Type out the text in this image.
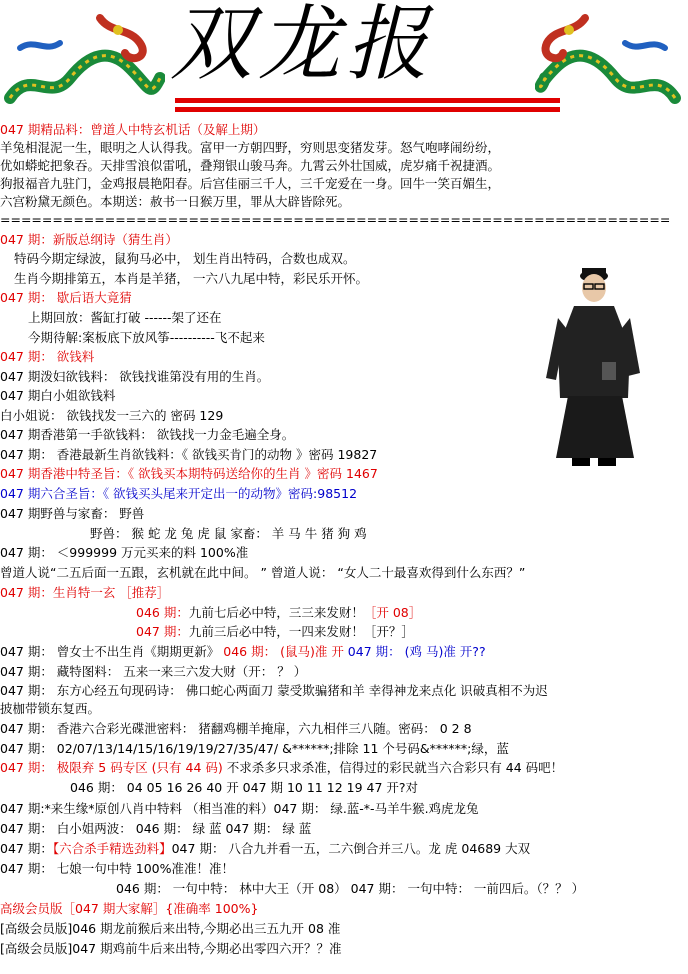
双龙报
047 期精品料：曾道人中特玄机话（及解上期）
羊兔相混泥一生，眼明之人认得我。富甲一方朝四野，穷则思变猪发芽。怒气咆哮闹纷纷，
优如蟒蛇把象吞。天排雪浪似雷吼，叠翔银山骏马奔。九霄云外壮国威，虎岁痛千祝捷酒。
狗报福音九驻门，金鸡报晨艳阳春。后宫佳丽三千人，三千宠爱在一身。回牛一笑百媚生，
六宫粉黛无颜色。本期送：赦书一日猴万里，罪从大辟皆除死。
================================================================
047 期：新版总纲诗（猜生肖）
特码今期定绿波，鼠狗马必中， 划生肖出特码，合数也成双。
生肖今期排第五，本肖是羊猪， 一六八九尾中特，彩民乐开怀。
047 期： 歇后语大竟猜
上期回放：酱缸打破 ------架了还在
今期待解:案板底下放风筝----------飞不起来
047 期： 欲钱料
047 期泼妇欲钱料： 欲钱找谁第没有用的生肖。
047 期白小姐欲钱料
白小姐说： 欲钱找发一三六的 密码 129
047 期香港第一手欲钱料： 欲钱找一力金毛遍全身。
047 期： 香港最新生肖欲钱料：《 欲钱买肯门的动物 》密码 19827
047 期香港中特圣旨：《 欲钱买本期特码送给你的生肖 》密码 1467
047 期六合圣旨：《 欲钱买头尾来开定出一的动物》密码:98512
047 期野兽与家畜： 野兽
野兽： 猴 蛇 龙 兔 虎 鼠 家畜： 羊 马 牛 猪 狗 鸡
047 期： ＜999999 万元买来的料 100%准
曾道人说“二五后面一五跟，玄机就在此中间。 ” 曾道人说： “女人二十最喜欢得到什么东西？”
047 期：生肖特一玄 ［推荐］
046 期：九前七后必中特，三三来发财！［开 08］
047 期：九前三后必中特，一四来发财！［开？］
047 期： 曾女士不出生肖《期期更新》 046 期： (鼠马)准 开 047 期： (鸡 马)准 开??
047 期： 藏特图料： 五来一来三六发大财（开： ？ ）
047 期： 东方心经五句现码诗： 佛口蛇心两面刀 蒙受欺骗猪和羊 幸得神龙来点化 识破真相不为迟
披枷带锁东复西。
047 期： 香港六合彩光碟泄密料： 猪翻鸡棚羊掩扉，六九相伴三八随。密码： 0 2 8
047 期： 02/07/13/14/15/16/19/19/27/35/47/ &******;排除 11 个号码&******;绿，蓝
047 期： 极限弃 5 码专区 (只有 44 码) 不求杀多只求杀准，信得过的彩民就当六合彩只有 44 码吧！
046 期： 04 05 16 26 40 开 047 期 10 11 12 19 47 开?对
047 期:*来生缘*原创八肖中特料 （相当准的料）047 期： 绿.蓝-*-马羊牛猴.鸡虎龙兔
047 期： 白小姐两波： 046 期： 绿 蓝 047 期： 绿 蓝
047 期：【六合杀手精选劲料】047 期： 八合九并看一五，二六倒合并三八。龙 虎 04689 大双
047 期： 七娘一句中特 100%准准！准！
046 期： 一句中特： 林中大王（开 08） 047 期： 一句中特： 一前四后。（？？ ）
高级会员版［047 期大家解］{准确率 100%}
[高级会员版]046 期龙前猴后来出特,今期必出三五九开 08 准
[高级会员版]047 期鸡前牛后来出特,今期必出零四六开？？准
